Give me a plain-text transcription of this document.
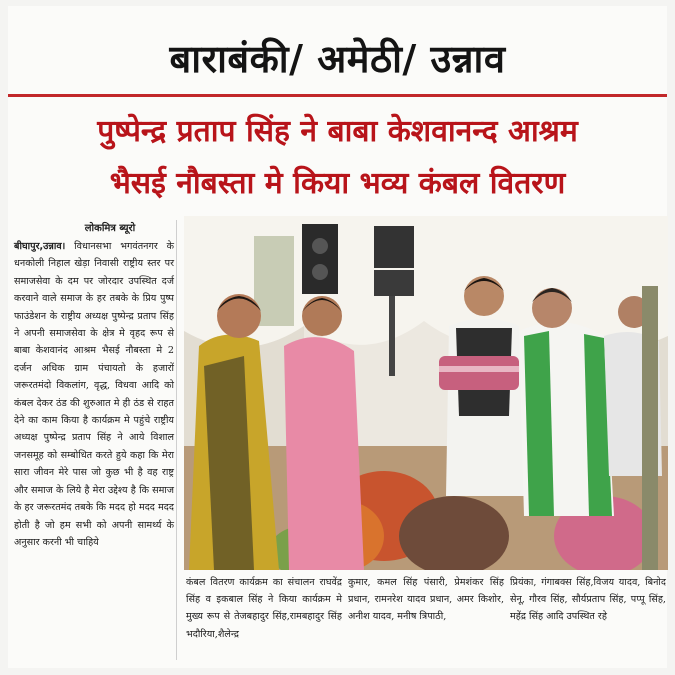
बाराबंकी/ अमेठी/ उन्नाव
पुष्पेन्द्र प्रताप सिंह ने बाबा केशवानन्द आश्रम
भैसई नौबस्ता मे किया भव्य कंबल वितरण
लोकमित्र ब्यूरो
बीघापुर,उन्नाव। विधानसभा भगवंतनगर के धनकोली निहाल खेड़ा निवासी राष्ट्रीय स्तर पर समाजसेवा के दम पर जोरदार उपस्थित दर्ज करवाने वाले समाज के हर तबके के प्रिय पुष्प फाउंडेशन के राष्ट्रीय अध्यक्ष पुष्पेन्द्र प्रताप सिंह ने अपनी समाजसेवा के क्षेत्र मे वृहद रूप से बाबा केशवानंद आश्रम भैसई नौबस्ता मे 2 दर्जन अधिक ग्राम पंचायतो के हजारों जरूरतमंदो विकलांग, वृद्ध, विधवा आदि को कंबल देकर ठंड की शुरुआत मे ही ठंड से राहत देने का काम किया है कार्यक्रम मे पहुंचे राष्ट्रीय अध्यक्ष पुष्पेन्द्र प्रताप सिंह ने आये विशाल जनसमूह को सम्बोधित करते हुये कहा कि मेरा सारा जीवन मेरे पास जो कुछ भी है वह राष्ट्र और समाज के लिये है मेरा उद्देश्य है कि समाज के हर जरूरतमंद तबके कि मदद हो मदद मदद होती है जो हम सभी को अपनी सामर्थ्य के अनुसार करनी भी चाहिये
कंबल वितरण कार्यक्रम का संचालन राघवेंद्र सिंह व इकबाल सिंह ने किया कार्यक्रम मे मुख्य रूप से तेजबहादुर सिंह,रामबहादुर सिंह भदौरिया,शैलेन्द्र
कुमार, कमल सिंह पंसारी, प्रेमशंकर सिंह प्रधान, रामनरेश यादव प्रधान, अमर किशोर, अनीश यादव, मनीष त्रिपाठी,
प्रियंका, गंगाबक्स सिंह,विजय यादव, बिनोद सेनू, गौरव सिंह, सौर्यप्रताप सिंह, पप्पू सिंह, महेंद्र सिंह आदि उपस्थित रहे
